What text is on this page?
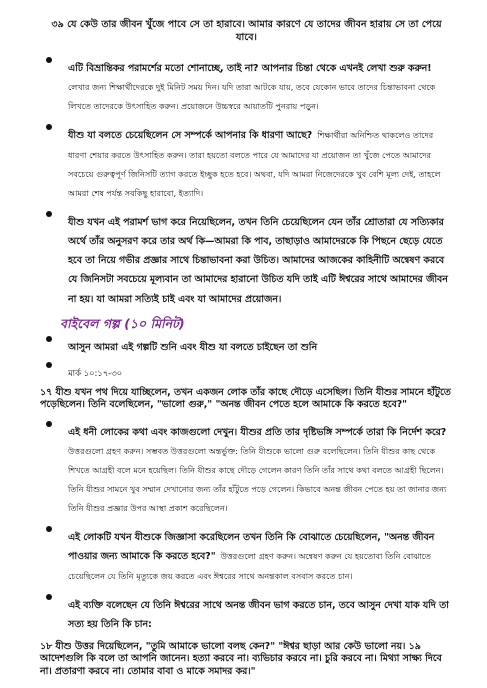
৩৯ যে কেউ তার জীবন খুঁজে পাবে সে তা হারাবে। আমার কারণে যে তাদের জীবন হারায় সে তা পেয়ে যাবে।

এটি বিভ্রান্তিকর পরামর্শের মতো শোনাচ্ছে, তাই না? আপনার চিন্তা থেকে এখনই লেখা শুরু করুন! লেখার জন্য শিক্ষার্থীদেরকে দুই মিনিট সময় দিন। যদি তারা আটকে যায়, তবে যেকোন ভাবে তাদের চিন্তাভাবনা থেকে লিখতে তাদেরকে উৎসাহিত করুন। প্রয়োজনে উচ্চস্বরে আয়াতটি পুনরায় পড়ুন।
যীশু যা বলতে চেয়েছিলেন সে সম্পর্কে আপনার কি ধারণা আছে? শিক্ষার্থীরা অনিশ্চিত থাকলেও তাদের ধারণা শেয়ার করতে উৎসাহিত করুন। তারা হয়তো বলতে পারে যে আমাদের যা প্রয়োজন তা খুঁজে পেতে আমাদের সবচেয়ে গুরুত্বপূর্ণ জিনিসটি ত্যাগ করতে ইচ্ছুক হতে হবে। অথবা, যদি আমরা নিজেদেরকে খুব বেশি মূল্য দেই, তাহলে আমরা শেষ পর্যন্ত সবকিছু হারাবো, ইত্যাদি।
যীশু যখন এই পরামর্শ ভাগ করে নিয়েছিলেন, তখন তিনি চেয়েছিলেন যেন তাঁর শ্রোতারা যে সত্যিকার অর্থে তাঁর অনুসরণ করে তার অর্থ কি—আমরা কি পাব, তাছাড়াও আমাদেরকে কি পিছনে ছেড়ে যেতে হবে তা নিয়ে গভীর প্রজ্ঞার সাথে চিন্তাভাবনা করা উচিত। আমাদের আজকের কাহিনীটি অন্বেষণ করবে যে জিনিসটা সবচেয়ে মূল্যবান তা আমাদের হারানো উচিত যদি তাই এটি ঈশ্বরের সাথে আমাদের জীবন না হয়। যা আমরা সত্যিই চাই এবং যা আমাদের প্রয়োজন।
বাইবেল গল্প (১০ মিনিট)
আসুন আমরা এই গল্পটি শুনি এবং যীশু যা বলতে চাইছেন তা শুনি
মার্ক ১০:১৭-৩০

১৭ যীশু যখন পথ দিয়ে যাচ্ছিলেন, তখন একজন লোক তাঁর কাছে দৌড়ে এসেছিল। তিনি যীশুর সামনে হাঁটুতে পড়েছিলেন। তিনি বলেছিলেন, "ভালো গুরু," "অনন্ত জীবন পেতে হলে আমাকে কি করতে হবে?"

এই ধনী লোকের কথা এবং কাজগুলো দেখুন। যীশুর প্রতি তার দৃষ্টিভঙ্গি সম্পর্কে তারা কি নির্দেশ করে? উত্তরগুলো গ্রহণ করুন। সম্ভবত উত্তরগুলো অন্তর্ভুক্ত: তিনি যীশুকে ভালো গুরু বলেছিলেন। তিনি যীশুর কাছ থেকে শিখতে আগ্রহী বলে মনে হয়েছিল। তিনি যীশুর কাছে দৌড়ে গেলেন কারণ তিনি তাঁর সাথে কথা বলতে আগ্রহী ছিলেন। তিনি যীশুর সামনে খুব সম্মান দেখানোর জন্য তাঁর হাঁটুতে পড়ে গেলেন। কিভাবে অনন্ত জীবন পেতে হয় তা জানার জন্য তিনি যীশুর প্রজ্ঞার উপর আস্থা প্রকাশ করেছিলেন।
এই লোকটি যখন যীশুকে জিজ্ঞাসা করেছিলেন তখন তিনি কি বোঝাতে চেয়েছিলেন, "অনন্ত জীবন পাওয়ার জন্য আমাকে কি করতে হবে?" উত্তরগুলো গ্রহণ করুন। অন্বেষণ করুন যে হয়তোবা তিনি বোঝাতে চেয়েছিলেন যে তিনি মৃত্যুকে জয় করতে এবং ঈশ্বরের সাথে অনন্তকাল বসবাস করতে চান।
এই ব্যক্তি বলেছেন যে তিনি ঈশ্বরের সাথে অনন্ত জীবন ভাগ করতে চান, তবে আসুন দেখা যাক যদি তা সত্য হয় তিনি কি চান:

১৮ যীশু উত্তর দিয়েছিলেন, "তুমি আমাকে ভালো বলছ কেন?" "ঈশ্বর ছাড়া আর কেউ ভালো নয়। ১৯ আদেশগুলি কি বলে তা আপনি জানেন। হত্যা করবে না। ব্যভিচার করবে না। চুরি করবে না। মিথ্যা সাক্ষ্য দিবে না। প্রতারণা করবে না। তোমার বাবা ও মাকে সমাদর কর।"
